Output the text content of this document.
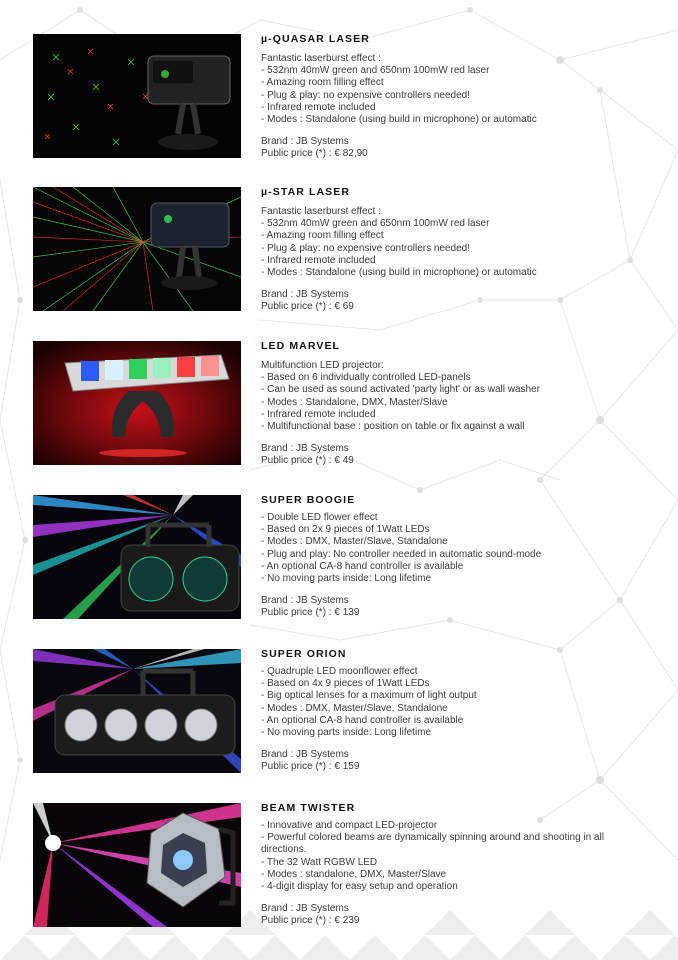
µ-QUASAR LASER
Fantastic laserburst effect :
- 532nm 40mW green and 650nm 100mW red laser
- Amazing room filling effect
- Plug & play: no expensive controllers needed!
- Infrared remote included
- Modes : Standalone (using build in microphone) or automatic
Brand : JB Systems
Public price (*) : € 82,90
µ-STAR LASER
Fantastic laserburst effect :
- 532nm 40mW green and 650nm 100mW red laser
- Amazing room filling effect
- Plug & play: no expensive controllers needed!
- Infrared remote included
- Modes : Standalone (using build in microphone) or automatic
Brand : JB Systems
Public price (*) : € 69
LED MARVEL
Multifunction LED projector:
- Based on 6 individually controlled LED-panels
- Can be used as sound activated 'party light' or as wall washer
- Modes : Standalone, DMX, Master/Slave
- Infrared remote included
- Multifunctional base : position on table or fix against a wall
Brand : JB Systems
Public price (*) : € 49
- Double LED flower effect
- Based on 2x 9 pieces of 1Watt LEDs
- Modes : DMX, Master/Slave, Standalone
- Plug and play: No controller needed in automatic sound-mode
- An optional CA-8 hand controller is available
- No moving parts inside: Long lifetime
Brand : JB Systems
Public price (*) : € 139
SUPER BOOGIE
- Quadruple LED moonflower effect
- Based on 4x 9 pieces of 1Watt LEDs
- Big optical lenses for a maximum of light output
- Modes : DMX, Master/Slave, Standalone
- An optional CA-8 hand controller is available
- No moving parts inside: Long lifetime
Brand : JB Systems
Public price (*) : € 159
SUPER ORION
- Innovative and compact LED-projector
- Powerful colored beams are dynamically spinning around and shooting in all directions.
- The 32 Watt RGBW LED
- Modes : standalone, DMX, Master/Slave
- 4-digit display for easy setup and operation
Brand : JB Systems
Public price (*) : € 239
BEAM TWISTER
